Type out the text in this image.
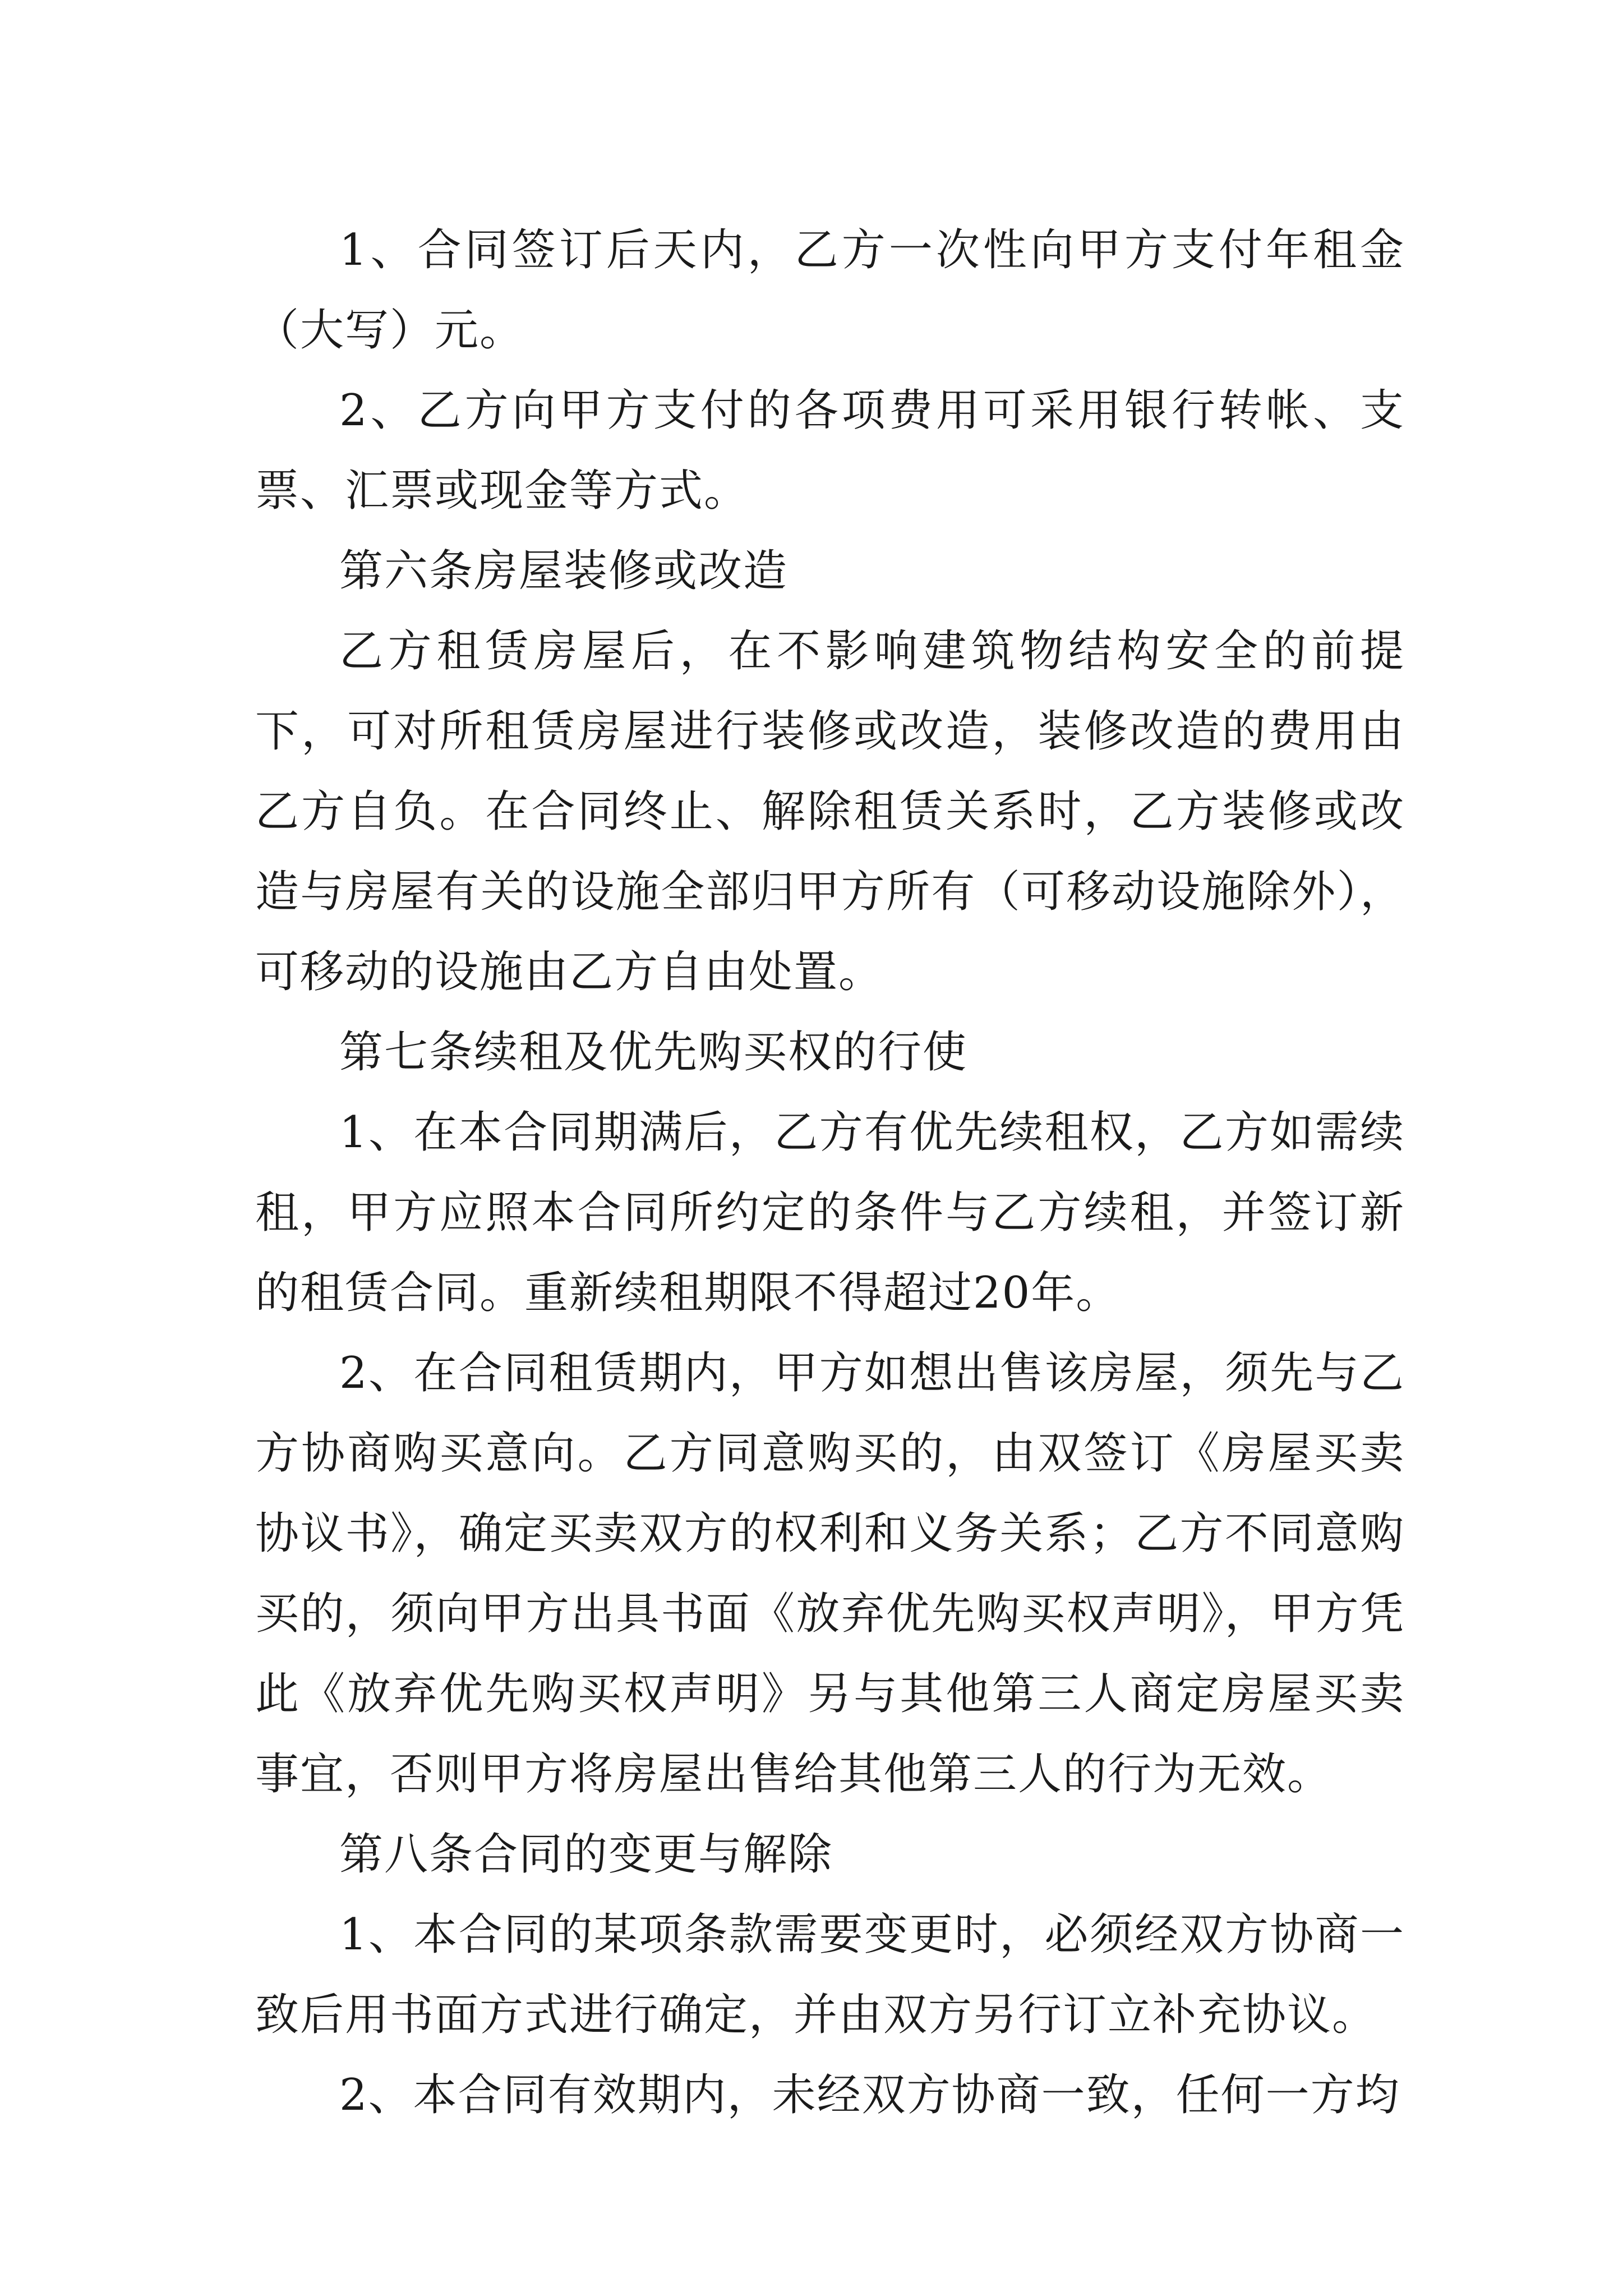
1、合同签订后天内，乙方一次性向甲方支付年租金（大写）元。

2、乙方向甲方支付的各项费用可采用银行转帐、支票、汇票或现金等方式。

第六条房屋装修或改造

乙方租赁房屋后，在不影响建筑物结构安全的前提下，可对所租赁房屋进行装修或改造，装修改造的费用由乙方自负。在合同终止、解除租赁关系时，乙方装修或改造与房屋有关的设施全部归甲方所有（可移动设施除外），可移动的设施由乙方自由处置。

第七条续租及优先购买权的行使

1、在本合同期满后，乙方有优先续租权，乙方如需续租，甲方应照本合同所约定的条件与乙方续租，并签订新的租赁合同。重新续租期限不得超过20年。

2、在合同租赁期内，甲方如想出售该房屋，须先与乙方协商购买意向。乙方同意购买的，由双签订《房屋买卖协议书》，确定买卖双方的权利和义务关系；乙方不同意购买的，须向甲方出具书面《放弃优先购买权声明》，甲方凭此《放弃优先购买权声明》另与其他第三人商定房屋买卖事宜，否则甲方将房屋出售给其他第三人的行为无效。

第八条合同的变更与解除

1、本合同的某项条款需要变更时，必须经双方协商一致后用书面方式进行确定，并由双方另行订立补充协议。

2、本合同有效期内，未经双方协商一致，任何一方均
